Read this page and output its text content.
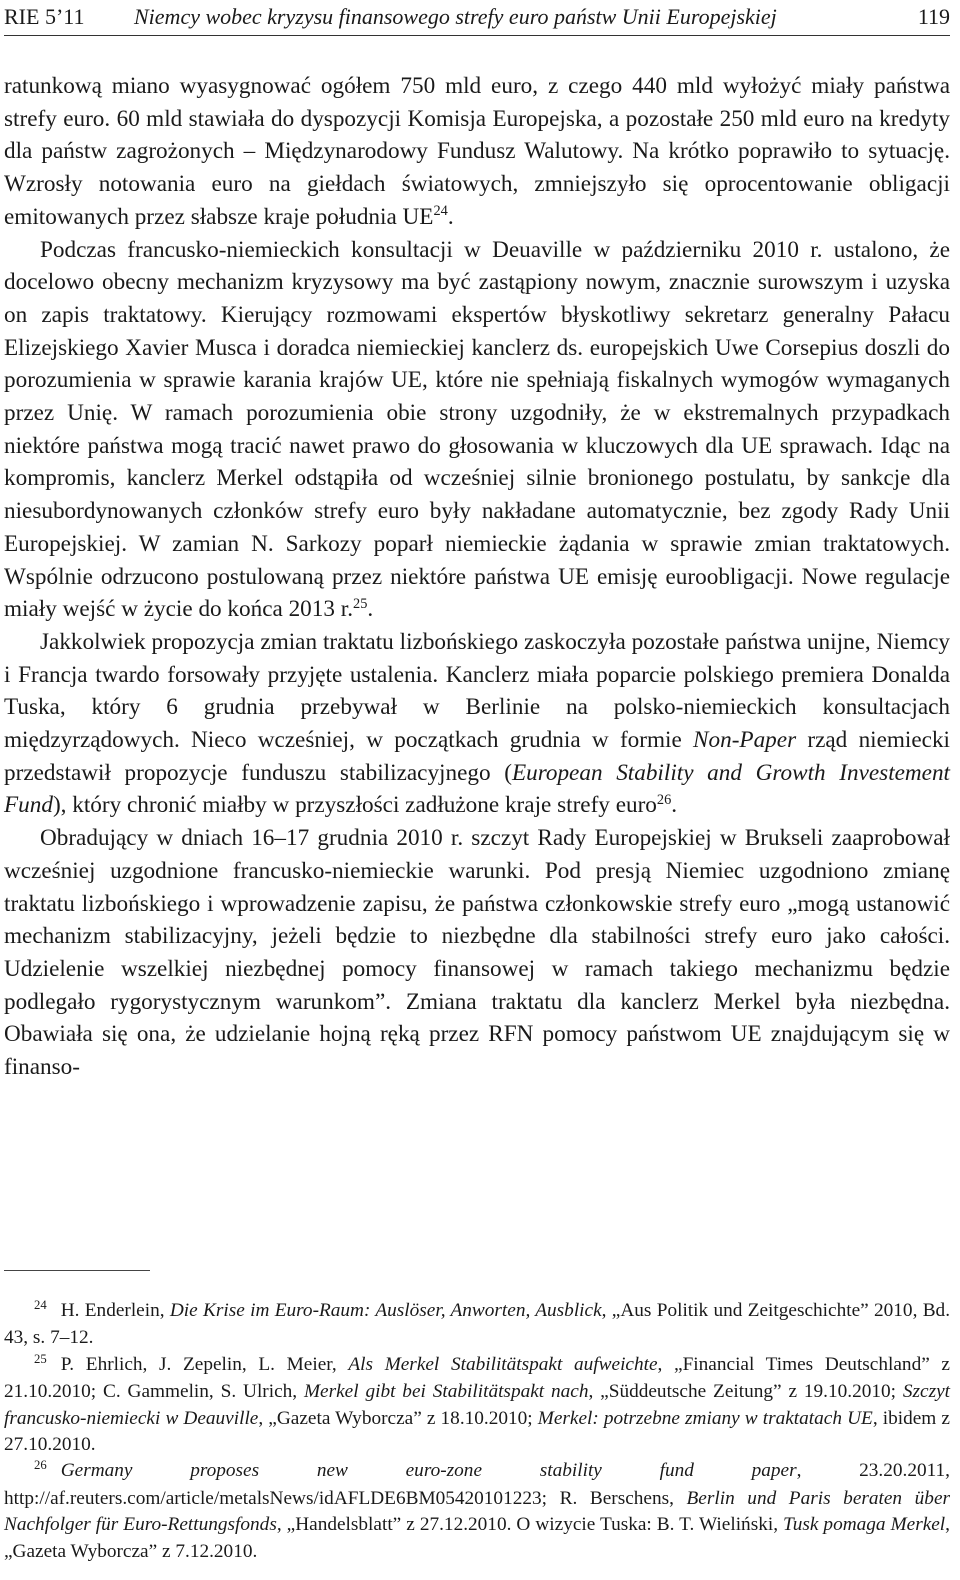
RIE 5’11 Niemcy wobec kryzysu finansowego strefy euro państw Unii Europejskiej	119

ratunkową miano wyasygnować ogółem 750 mld euro, z czego 440 mld wyłożyć miały państwa strefy euro. 60 mld stawiała do dyspozycji Komisja Europejska, a pozostałe 250 mld euro na kredyty dla państw zagrożonych – Międzynarodowy Fundusz Walutowy. Na krótko poprawiło to sytuację. Wzrosły notowania euro na giełdach światowych, zmniejszyło się oprocentowanie obligacji emitowanych przez słabsze kraje południa UE$^{24}$.

Podczas francusko-niemieckich konsultacji w Deuaville w październiku 2010 r. ustalono, że docelowo obecny mechanizm kryzysowy ma być zastąpiony nowym, znacznie surowszym i uzyska on zapis traktatowy. Kierujący rozmowami ekspertów błyskotliwy sekretarz generalny Pałacu Elizejskiego Xavier Musca i doradca niemieckiej kanclerz ds. europejskich Uwe Corsepius doszli do porozumienia w sprawie karania krajów UE, które nie spełniają fiskalnych wymogów wymaganych przez Unię. W ramach porozumienia obie strony uzgodniły, że w ekstremalnych przypadkach niektóre państwa mogą tracić nawet prawo do głosowania w kluczowych dla UE sprawach. Idąc na kompromis, kanclerz Merkel odstąpiła od wcześniej silnie bronionego postulatu, by sankcje dla niesubordynowanych członków strefy euro były nakładane automatycznie, bez zgody Rady Unii Europejskiej. W zamian N. Sarkozy poparł niemieckie żądania w sprawie zmian traktatowych. Wspólnie odrzucono postulowaną przez niektóre państwa UE emisję euroobligacji. Nowe regulacje miały wejść w życie do końca 2013 r.$^{25}$.

Jakkolwiek propozycja zmian traktatu lizbońskiego zaskoczyła pozostałe państwa unijne, Niemcy i Francja twardo forsowały przyjęte ustalenia. Kanclerz miała poparcie polskiego premiera Donalda Tuska, który 6 grudnia przebywał w Berlinie na polsko-niemieckich konsultacjach międzyrządowych. Nieco wcześniej, w początkach grudnia w formie Non-Paper rząd niemiecki przedstawił propozycje funduszu stabilizacyjnego (European Stability and Growth Investement Fund), który chronić miałby w przyszłości zadłużone kraje strefy euro$^{26}$.

Obradujący w dniach 16–17 grudnia 2010 r. szczyt Rady Europejskiej w Brukseli zaaprobował wcześniej uzgodnione francusko-niemieckie warunki. Pod presją Niemiec uzgodniono zmianę traktatu lizbońskiego i wprowadzenie zapisu, że państwa członkowskie strefy euro „mogą ustanowić mechanizm stabilizacyjny, jeżeli będzie to niezbędne dla stabilności strefy euro jako całości. Udzielenie wszelkiej niezbędnej pomocy finansowej w ramach takiego mechanizmu będzie podlegało rygorystycznym warunkom”. Zmiana traktatu dla kanclerz Merkel była niezbędna. Obawiała się ona, że udzielanie hojną ręką przez RFN pomocy państwom UE znajdującym się w finanso-

$^{24}$ H. Enderlein, Die Krise im Euro-Raum: Auslöser, Anworten, Ausblick, „Aus Politik und Zeitgeschichte” 2010, Bd. 43, s. 7–12.

$^{25}$ P. Ehrlich, J. Zepelin, L. Meier, Als Merkel Stabilitätspakt aufweichte, „Financial Times Deutschland” z 21.10.2010; C. Gammelin, S. Ulrich, Merkel gibt bei Stabilitätspakt nach, „Süddeutsche Zeitung” z 19.10.2010; Szczyt francusko-niemiecki w Deauville, „Gazeta Wyborcza” z 18.10.2010; Merkel: potrzebne zmiany w traktatach UE, ibidem z 27.10.2010.

$^{26}$ Germany proposes new euro-zone stability fund paper, 23.20.2011, http://af.reuters.com/article/metalsNews/idAFLDE6BM05420101223; R. Berschens, Berlin und Paris beraten über Nachfolger für Euro-Rettungsfonds, „Handelsblatt” z 27.12.2010. O wizycie Tuska: B. T. Wieliński, Tusk pomaga Merkel, „Gazeta Wyborcza” z 7.12.2010.
